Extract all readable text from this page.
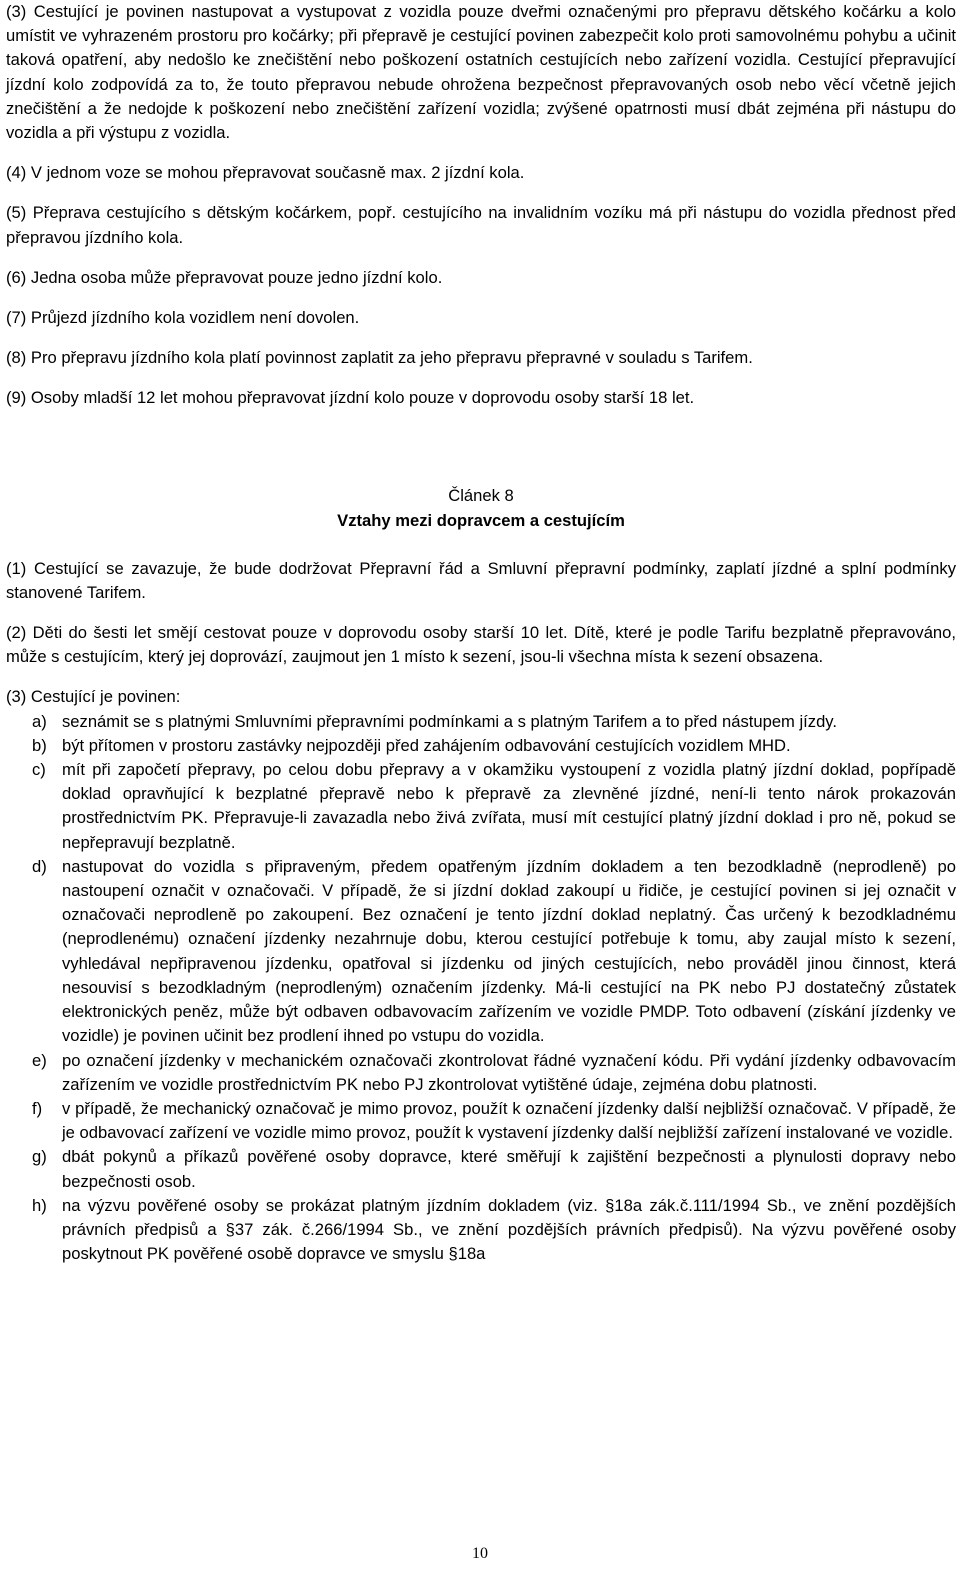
(3) Cestující je povinen nastupovat a vystupovat z vozidla pouze dveřmi označenými pro přepravu dětského kočárku a kolo umístit ve vyhrazeném prostoru pro kočárky; při přepravě je cestující povinen zabezpečit kolo proti samovolnému pohybu a učinit taková opatření, aby nedošlo ke znečištění nebo poškození ostatních cestujících nebo zařízení vozidla. Cestující přepravující jízdní kolo zodpovídá za to, že touto přepravou nebude ohrožena bezpečnost přepravovaných osob nebo věcí včetně jejich znečištění a že nedojde k poškození nebo znečištění zařízení vozidla; zvýšené opatrnosti musí dbát zejména při nástupu do vozidla a při výstupu z vozidla.

(4) V jednom voze se mohou přepravovat současně max. 2 jízdní kola.

(5) Přeprava cestujícího s dětským kočárkem, popř. cestujícího na invalidním vozíku má při nástupu do vozidla přednost před přepravou jízdního kola.

(6) Jedna osoba může přepravovat pouze jedno jízdní kolo.

(7) Průjezd jízdního kola vozidlem není dovolen.

(8) Pro přepravu jízdního kola platí povinnost zaplatit za jeho přepravu přepravné v souladu s Tarifem.

(9) Osoby mladší 12 let mohou přepravovat jízdní kolo pouze v doprovodu osoby starší 18 let.

Článek 8

Vztahy mezi dopravcem a cestujícím

(1) Cestující se zavazuje, že bude dodržovat Přepravní řád a Smluvní přepravní podmínky, zaplatí jízdné a splní podmínky stanovené Tarifem.

(2) Děti do šesti let smějí cestovat pouze v doprovodu osoby starší 10 let. Dítě, které je podle Tarifu bezplatně přepravováno, může s cestujícím, který jej doprovází, zaujmout jen 1 místo k sezení, jsou-li všechna místa k sezení obsazena.

(3) Cestující je povinen:

a) seznámit se s platnými Smluvními přepravními podmínkami a s platným Tarifem a to před nástupem jízdy.
b) být přítomen v prostoru zastávky nejpozději před zahájením odbavování cestujících vozidlem MHD.
c) mít při započetí přepravy, po celou dobu přepravy a v okamžiku vystoupení z vozidla platný jízdní doklad, popřípadě doklad opravňující k bezplatné přepravě nebo k přepravě za zlevněné jízdné, není-li tento nárok prokazován prostřednictvím PK. Přepravuje-li zavazadla nebo živá zvířata, musí mít cestující platný jízdní doklad i pro ně, pokud se nepřepravují bezplatně.
d) nastupovat do vozidla s připraveným, předem opatřeným jízdním dokladem a ten bezodkladně (neprodleně) po nastoupení označit v označovači. V případě, že si jízdní doklad zakoupí u řidiče, je cestující povinen si jej označit v označovači neprodleně po zakoupení. Bez označení je tento jízdní doklad neplatný. Čas určený k bezodkladnému (neprodlenému) označení jízdenky nezahrnuje dobu, kterou cestující potřebuje k tomu, aby zaujal místo k sezení, vyhledával nepřipravenou jízdenku, opatřoval si jízdenku od jiných cestujících, nebo prováděl jinou činnost, která nesouvisí s bezodkladným (neprodleným) označením jízdenky. Má-li cestující na PK nebo PJ dostatečný zůstatek elektronických peněz, může být odbaven odbavovacím zařízením ve vozidle PMDP. Toto odbavení (získání jízdenky ve vozidle) je povinen učinit bez prodlení ihned po vstupu do vozidla.
e) po označení jízdenky v mechanickém označovači zkontrolovat řádné vyznačení kódu. Při vydání jízdenky odbavovacím zařízením ve vozidle prostřednictvím PK nebo PJ zkontrolovat vytištěné údaje, zejména dobu platnosti.
f)	v případě, že mechanický označovač je mimo provoz, použít k označení jízdenky další nejbližší označovač. V případě, že je odbavovací zařízení ve vozidle mimo provoz, použít k vystavení jízdenky další nejbližší zařízení instalované ve vozidle.
g) dbát pokynů a příkazů pověřené osoby dopravce, které směřují k zajištění bezpečnosti a plynulosti dopravy nebo bezpečnosti osob.
h) na výzvu pověřené osoby se prokázat platným jízdním dokladem (viz. §18a zák.č.111/1994 Sb., ve znění pozdějších právních předpisů a §37 zák. č.266/1994 Sb., ve znění pozdějších právních předpisů). Na výzvu pověřené osoby poskytnout PK pověřené osobě dopravce ve smyslu §18a
10
